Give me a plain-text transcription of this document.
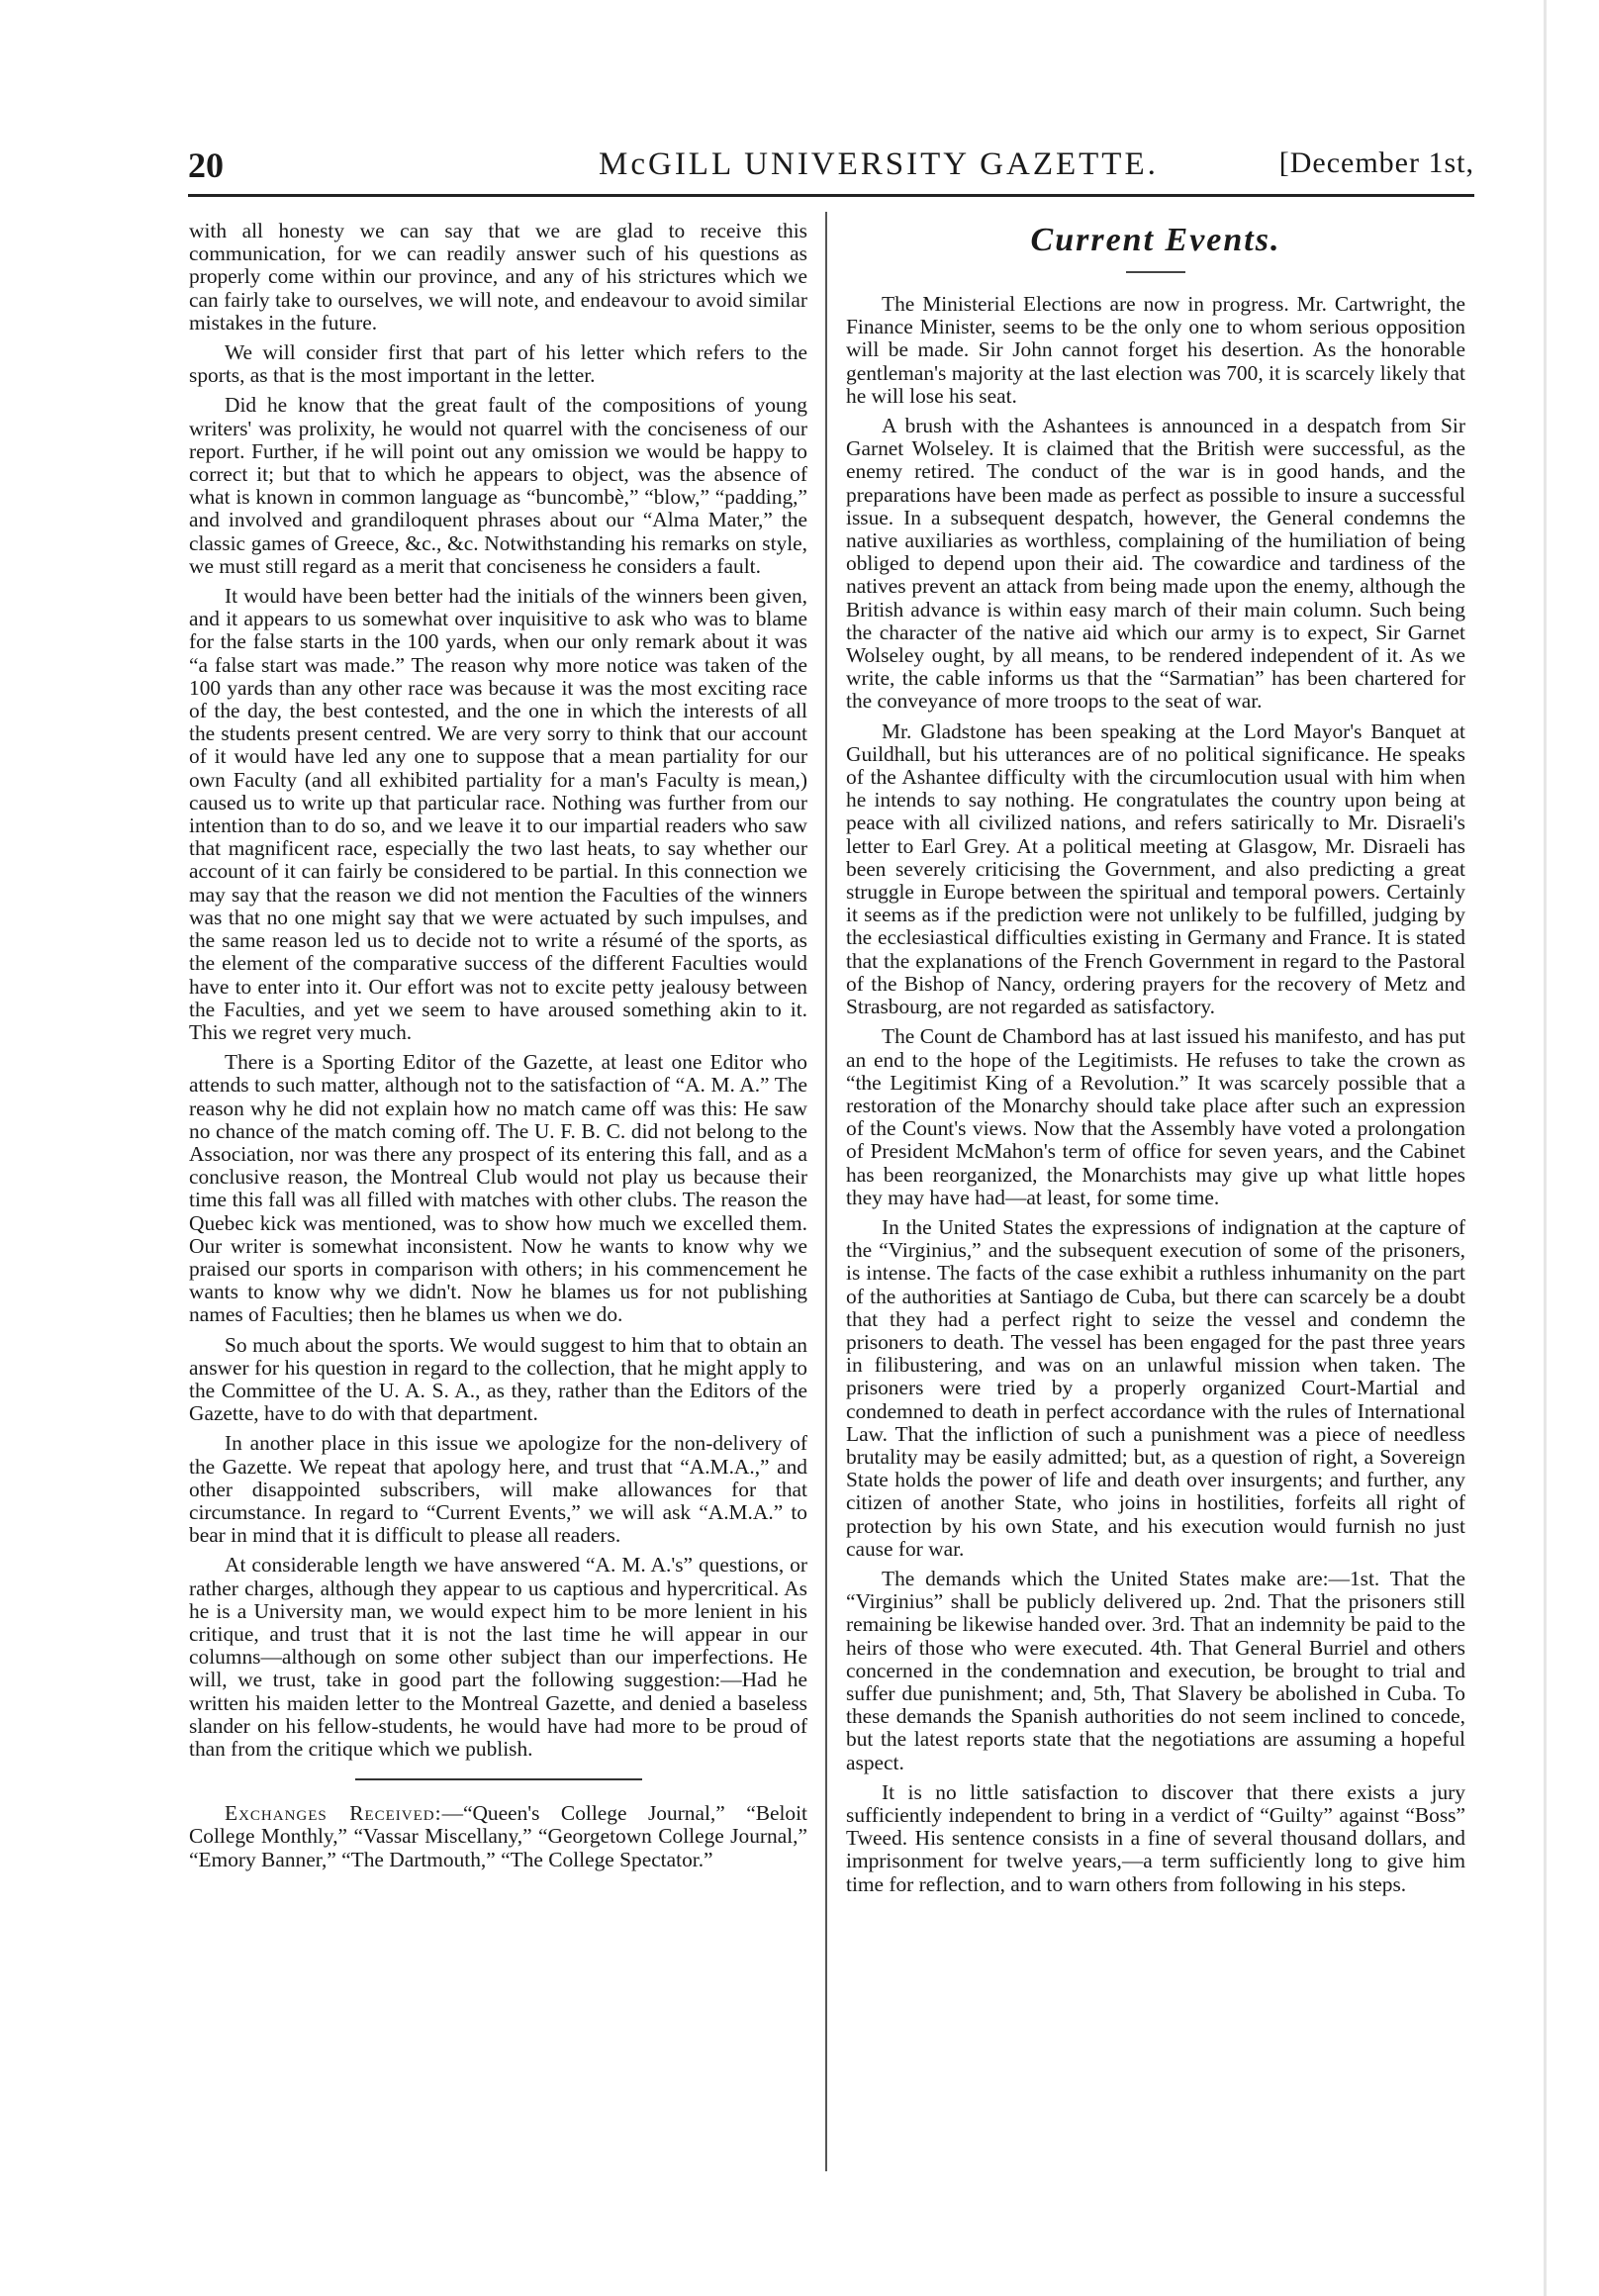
20	McGILL UNIVERSITY GAZETTE.	[December 1st,

with all honesty we can say that we are glad to receive this communication, for we can readily answer such of his questions as properly come within our province, and any of his strictures which we can fairly take to ourselves, we will note, and endeavour to avoid similar mistakes in the future.

We will consider first that part of his letter which refers to the sports, as that is the most important in the letter.

Did he know that the great fault of the compositions of young writers' was prolixity, he would not quarrel with the conciseness of our report. Further, if he will point out any omission we would be happy to correct it; but that to which he appears to object, was the absence of what is known in common language as “buncombè,” “blow,” “padding,” and involved and grandiloquent phrases about our “Alma Mater,” the classic games of Greece, &c., &c. Notwithstanding his remarks on style, we must still regard as a merit that conciseness he considers a fault.

It would have been better had the initials of the winners been given, and it appears to us somewhat over inquisitive to ask who was to blame for the false starts in the 100 yards, when our only remark about it was “a false start was made.” The reason why more notice was taken of the 100 yards than any other race was because it was the most exciting race of the day, the best contested, and the one in which the interests of all the students present centred. We are very sorry to think that our account of it would have led any one to suppose that a mean partiality for our own Faculty (and all exhibited partiality for a man's Faculty is mean,) caused us to write up that particular race. Nothing was further from our intention than to do so, and we leave it to our impartial readers who saw that magnificent race, especially the two last heats, to say whether our account of it can fairly be considered to be partial. In this connection we may say that the reason we did not mention the Faculties of the winners was that no one might say that we were actuated by such impulses, and the same reason led us to decide not to write a résumé of the sports, as the element of the comparative success of the different Faculties would have to enter into it. Our effort was not to excite petty jealousy between the Faculties, and yet we seem to have aroused something akin to it. This we regret very much.

There is a Sporting Editor of the Gazette, at least one Editor who attends to such matter, although not to the satisfaction of “A. M. A.” The reason why he did not explain how no match came off was this: He saw no chance of the match coming off. The U. F. B. C. did not belong to the Association, nor was there any prospect of its entering this fall, and as a conclusive reason, the Montreal Club would not play us because their time this fall was all filled with matches with other clubs. The reason the Quebec kick was mentioned, was to show how much we excelled them. Our writer is somewhat inconsistent. Now he wants to know why we praised our sports in comparison with others; in his commencement he wants to know why we didn't. Now he blames us for not publishing names of Faculties; then he blames us when we do.

So much about the sports. We would suggest to him that to obtain an answer for his question in regard to the collection, that he might apply to the Committee of the U. A. S. A., as they, rather than the Editors of the Gazette, have to do with that department.

In another place in this issue we apologize for the non-delivery of the Gazette. We repeat that apology here, and trust that “A.M.A.,” and other disappointed subscribers, will make allowances for that circumstance. In regard to “Current Events,” we will ask “A.M.A.” to bear in mind that it is difficult to please all readers.

At considerable length we have answered “A. M. A.'s” questions, or rather charges, although they appear to us captious and hypercritical. As he is a University man, we would expect him to be more lenient in his critique, and trust that it is not the last time he will appear in our columns—although on some other subject than our imperfections. He will, we trust, take in good part the following suggestion:—Had he written his maiden letter to the Montreal Gazette, and denied a baseless slander on his fellow-students, he would have had more to be proud of than from the critique which we publish.

Exchanges Received:—“Queen's College Journal,” “Beloit College Monthly,” “Vassar Miscellany,” “Georgetown College Journal,” “Emory Banner,” “The Dartmouth,” “The College Spectator.”

Current Events.

The Ministerial Elections are now in progress. Mr. Cartwright, the Finance Minister, seems to be the only one to whom serious opposition will be made. Sir John cannot forget his desertion. As the honorable gentleman's majority at the last election was 700, it is scarcely likely that he will lose his seat.

A brush with the Ashantees is announced in a despatch from Sir Garnet Wolseley. It is claimed that the British were successful, as the enemy retired. The conduct of the war is in good hands, and the preparations have been made as perfect as possible to insure a successful issue. In a subsequent despatch, however, the General condemns the native auxiliaries as worthless, complaining of the humiliation of being obliged to depend upon their aid. The cowardice and tardiness of the natives prevent an attack from being made upon the enemy, although the British advance is within easy march of their main column. Such being the character of the native aid which our army is to expect, Sir Garnet Wolseley ought, by all means, to be rendered independent of it. As we write, the cable informs us that the “Sarmatian” has been chartered for the conveyance of more troops to the seat of war.

Mr. Gladstone has been speaking at the Lord Mayor's Banquet at Guildhall, but his utterances are of no political significance. He speaks of the Ashantee difficulty with the circumlocution usual with him when he intends to say nothing. He congratulates the country upon being at peace with all civilized nations, and refers satirically to Mr. Disraeli's letter to Earl Grey. At a political meeting at Glasgow, Mr. Disraeli has been severely criticising the Government, and also predicting a great struggle in Europe between the spiritual and temporal powers. Certainly it seems as if the prediction were not unlikely to be fulfilled, judging by the ecclesiastical difficulties existing in Germany and France. It is stated that the explanations of the French Government in regard to the Pastoral of the Bishop of Nancy, ordering prayers for the recovery of Metz and Strasbourg, are not regarded as satisfactory.

The Count de Chambord has at last issued his manifesto, and has put an end to the hope of the Legitimists. He refuses to take the crown as “the Legitimist King of a Revolution.” It was scarcely possible that a restoration of the Monarchy should take place after such an expression of the Count's views. Now that the Assembly have voted a prolongation of President McMahon's term of office for seven years, and the Cabinet has been reorganized, the Monarchists may give up what little hopes they may have had—at least, for some time.

In the United States the expressions of indignation at the capture of the “Virginius,” and the subsequent execution of some of the prisoners, is intense. The facts of the case exhibit a ruthless inhumanity on the part of the authorities at Santiago de Cuba, but there can scarcely be a doubt that they had a perfect right to seize the vessel and condemn the prisoners to death. The vessel has been engaged for the past three years in filibustering, and was on an unlawful mission when taken. The prisoners were tried by a properly organized Court-Martial and condemned to death in perfect accordance with the rules of International Law. That the infliction of such a punishment was a piece of needless brutality may be easily admitted; but, as a question of right, a Sovereign State holds the power of life and death over insurgents; and further, any citizen of another State, who joins in hostilities, forfeits all right of protection by his own State, and his execution would furnish no just cause for war.

The demands which the United States make are:—1st. That the “Virginius” shall be publicly delivered up. 2nd. That the prisoners still remaining be likewise handed over. 3rd. That an indemnity be paid to the heirs of those who were executed. 4th. That General Burriel and others concerned in the condemnation and execution, be brought to trial and suffer due punishment; and, 5th, That Slavery be abolished in Cuba. To these demands the Spanish authorities do not seem inclined to concede, but the latest reports state that the negotiations are assuming a hopeful aspect.

It is no little satisfaction to discover that there exists a jury sufficiently independent to bring in a verdict of “Guilty” against “Boss” Tweed. His sentence consists in a fine of several thousand dollars, and imprisonment for twelve years,—a term sufficiently long to give him time for reflection, and to warn others from following in his steps.
